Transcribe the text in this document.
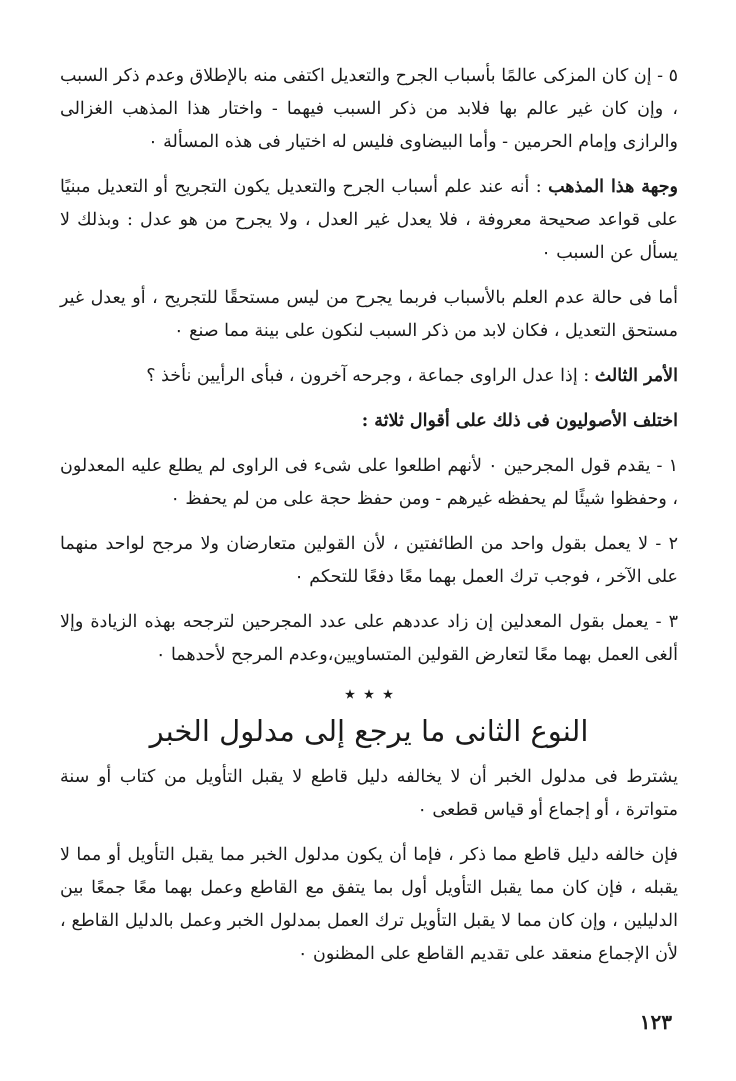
٥ - إن كان المزكى عالمًا بأسباب الجرح والتعديل اكتفى منه بالإطلاق وعدم ذكر السبب ، وإن كان غير عالم بها فلابد من ذكر السبب فيهما - واختار هذا المذهب الغزالى والرازى وإمام الحرمين - وأما البيضاوى فليس له اختيار فى هذه المسألة ٠

وجهة هذا المذهب : أنه عند علم أسباب الجرح والتعديل يكون التجريح أو التعديل مبنيًا على قواعد صحيحة معروفة ، فلا يعدل غير العدل ، ولا يجرح من هو عدل : وبذلك لا يسأل عن السبب ٠

أما فى حالة عدم العلم بالأسباب فربما يجرح من ليس مستحقًا للتجريح ، أو يعدل غير مستحق التعديل ، فكان لابد من ذكر السبب لنكون على بينة مما صنع ٠

الأمر الثالث : إذا عدل الراوى جماعة ، وجرحه آخرون ، فبأى الرأيين نأخذ ؟

اختلف الأصوليون فى ذلك على أقوال ثلاثة :

١ - يقدم قول المجرحين ٠ لأنهم اطلعوا على شىء فى الراوى لم يطلع عليه المعدلون ، وحفظوا شيئًا لم يحفظه غيرهم - ومن حفظ حجة على من لم يحفظ ٠

٢ - لا يعمل بقول واحد من الطائفتين ، لأن القولين متعارضان ولا مرجح لواحد منهما على الآخر ، فوجب ترك العمل بهما معًا دفعًا للتحكم ٠

٣ - يعمل بقول المعدلين إن زاد عددهم على عدد المجرحين لترجحه بهذه الزيادة وإلا ألغى العمل بهما معًا لتعارض القولين المتساويين،وعدم المرجح لأحدهما ٠

٭ ٭ ٭
النوع الثانى ما يرجع إلى مدلول الخبر

يشترط فى مدلول الخبر أن لا يخالفه دليل قاطع لا يقبل التأويل من كتاب أو سنة متواترة ، أو إجماع أو قياس قطعى ٠

فإن خالفه دليل قاطع مما ذكر ، فإما أن يكون مدلول الخبر مما يقبل التأويل أو مما لا يقبله ، فإن كان مما يقبل التأويل أول بما يتفق مع القاطع وعمل بهما معًا جمعًا بين الدليلين ، وإن كان مما لا يقبل التأويل ترك العمل بمدلول الخبر وعمل بالدليل القاطع ، لأن الإجماع منعقد على تقديم القاطع على المظنون ٠

١٢٣
